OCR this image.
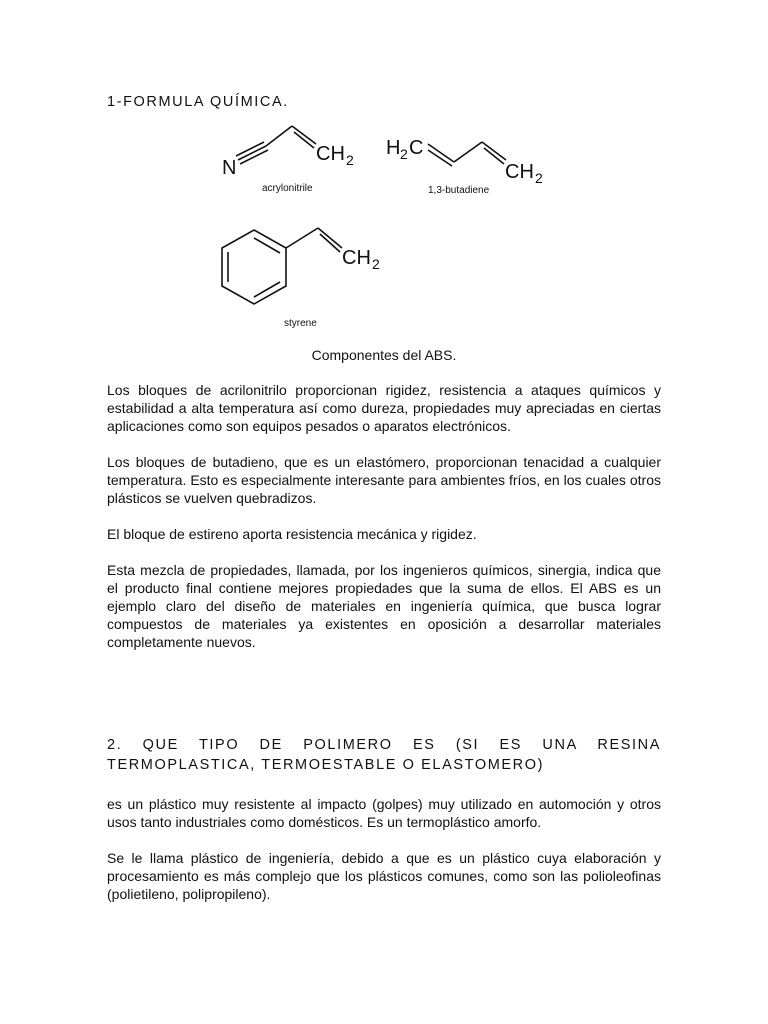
1-FORMULA QUÍMICA.
N
CH 2
acrylonitrile
H 2 C
CH 2
1,3-butadiene
CH 2
styrene

Componentes del ABS.

Los bloques de acrilonitrilo proporcionan rigidez, resistencia a ataques químicos y estabilidad a alta temperatura así como dureza, propiedades muy apreciadas en ciertas aplicaciones como son equipos pesados o aparatos electrónicos.

Los bloques de butadieno, que es un elastómero, proporcionan tenacidad a cualquier temperatura. Esto es especialmente interesante para ambientes fríos, en los cuales otros plásticos se vuelven quebradizos.

El bloque de estireno aporta resistencia mecánica y rigidez.

Esta mezcla de propiedades, llamada, por los ingenieros químicos, sinergia, indica que el producto final contiene mejores propiedades que la suma de ellos. El ABS es un ejemplo claro del diseño de materiales en ingeniería química, que busca lograr compuestos de materiales ya existentes en oposición a desarrollar materiales completamente nuevos.

2. QUE TIPO DE POLIMERO ES (SI ES UNA RESINA TERMOPLASTICA, TERMOESTABLE O ELASTOMERO)

es un plástico muy resistente al impacto (golpes) muy utilizado en automoción y otros usos tanto industriales como domésticos. Es un termoplástico amorfo.

Se le llama plástico de ingeniería, debido a que es un plástico cuya elaboración y procesamiento es más complejo que los plásticos comunes, como son las polioleofinas (polietileno, polipropileno).
